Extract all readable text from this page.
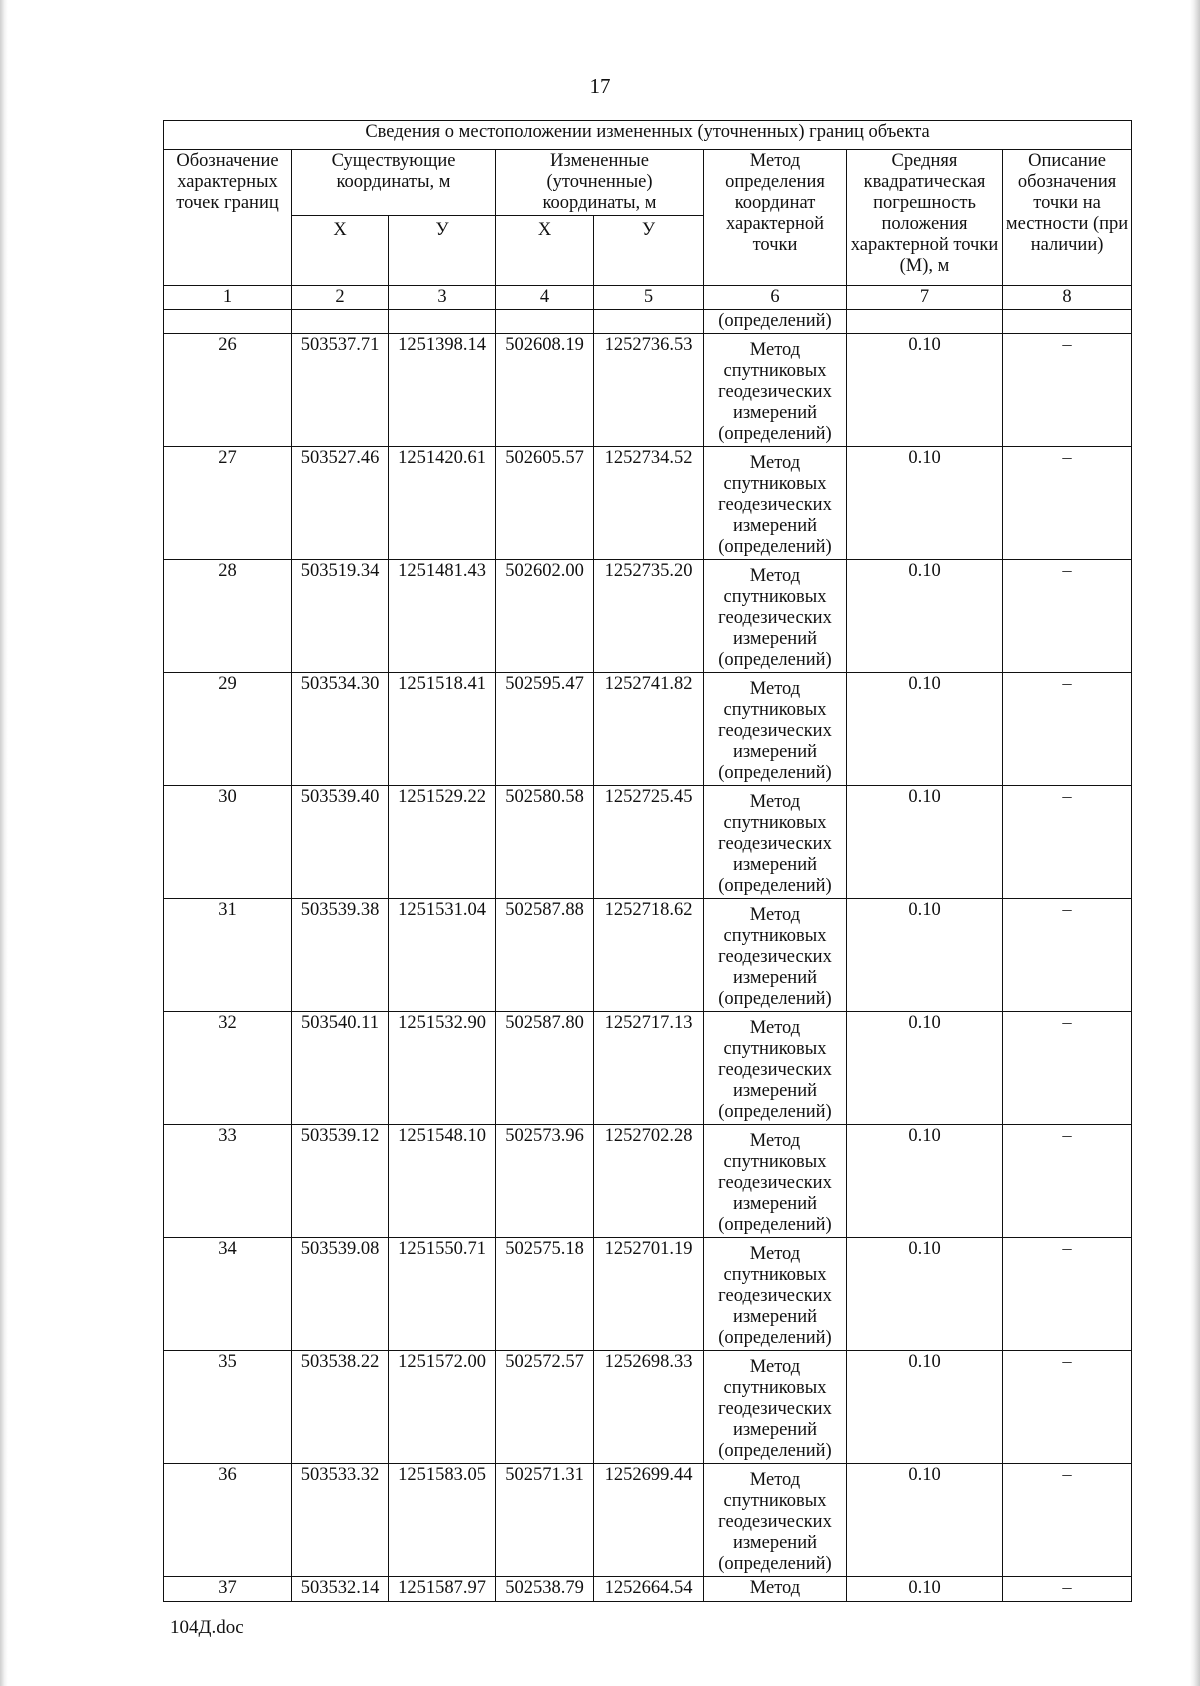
17
Сведения о местоположении измененных (уточненных) границ объекта							
Обозначение характерных точек границ	Существующие координаты, м		Измененные (уточненные) координаты, м		Метод определения координат характерной точки	Средняя квадратическая погрешность положения характерной точки (М), м	Описание обозначения точки на местности (при наличии)
	Х	У	Х	У			
1	2	3	4	5	6	7	8
					(определений)		
26	503537.71	1251398.14	502608.19	1252736.53	Метод спутниковых геодезических измерений (определений)	0.10	–
27	503527.46	1251420.61	502605.57	1252734.52	Метод спутниковых геодезических измерений (определений)	0.10	–
28	503519.34	1251481.43	502602.00	1252735.20	Метод спутниковых геодезических измерений (определений)	0.10	–
29	503534.30	1251518.41	502595.47	1252741.82	Метод спутниковых геодезических измерений (определений)	0.10	–
30	503539.40	1251529.22	502580.58	1252725.45	Метод спутниковых геодезических измерений (определений)	0.10	–
31	503539.38	1251531.04	502587.88	1252718.62	Метод спутниковых геодезических измерений (определений)	0.10	–
32	503540.11	1251532.90	502587.80	1252717.13	Метод спутниковых геодезических измерений (определений)	0.10	–
33	503539.12	1251548.10	502573.96	1252702.28	Метод спутниковых геодезических измерений (определений)	0.10	–
34	503539.08	1251550.71	502575.18	1252701.19	Метод спутниковых геодезических измерений (определений)	0.10	–
35	503538.22	1251572.00	502572.57	1252698.33	Метод спутниковых геодезических измерений (определений)	0.10	–
36	503533.32	1251583.05	502571.31	1252699.44	Метод спутниковых геодезических измерений (определений)	0.10	–
37	503532.14	1251587.97	502538.79	1252664.54	Метод	0.10	–
104Д.doc
